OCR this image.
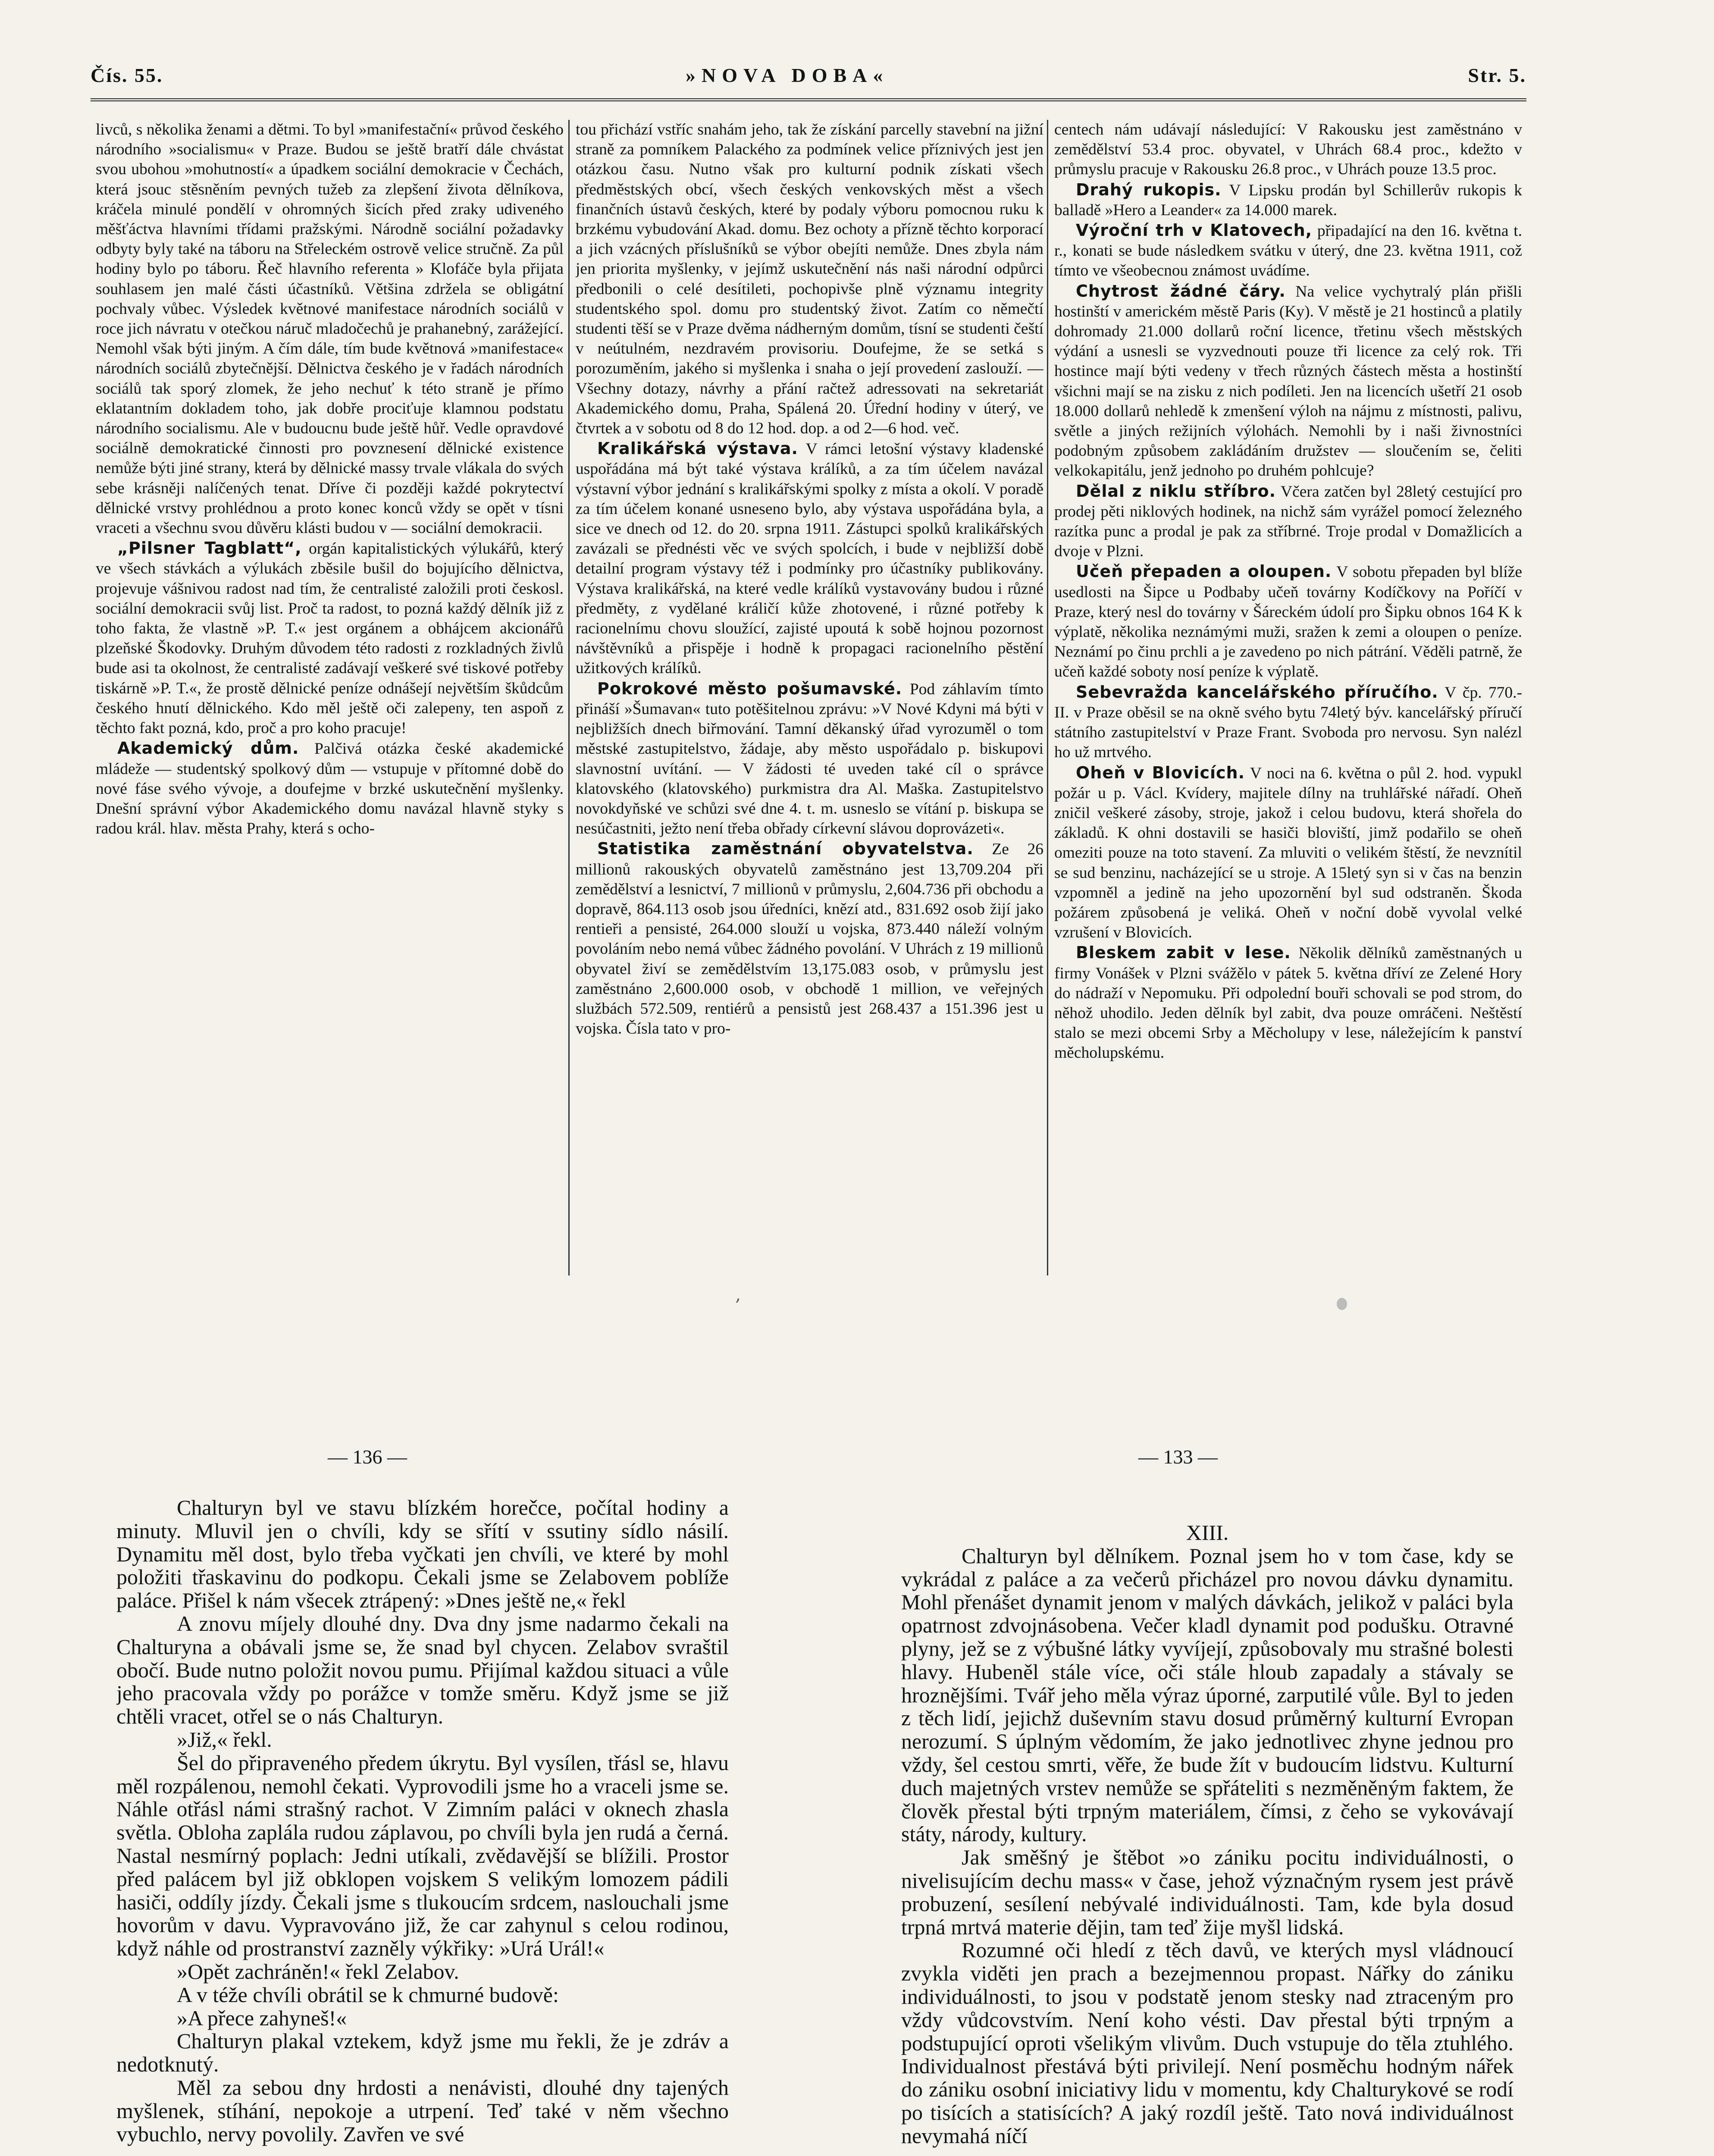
Čís. 55.	»NOVA DOBA«	Str. 5.

livců, s několika ženami a dětmi. To byl »manifestační« průvod českého národního »socialismu« v Praze. Budou se ještě bratří dále chvástat svou ubohou »mohutností« a úpadkem sociální demokracie v Čechách, která jsouc stěsněním pevných tužeb za zlepšení života dělníkova, kráčela minulé pondělí v ohromných šicích před zraky udiveného měšťáctva hlavními třídami pražskými. Národně sociální požadavky odbyty byly také na táboru na Střeleckém ostrově velice stručně. Za půl hodiny bylo po táboru. Řeč hlavního referenta » Klofáče byla přijata souhlasem jen malé části účastníků. Většina zdržela se obligátní pochvaly vůbec. Výsledek květnové manifestace národních sociálů v roce jich návratu v otečkou náruč mladočechů je prahanebný, zarážející. Nemohl však býti jiným. A čím dále, tím bude květnová »manifestace« národních sociálů zbytečnější. Dělnictva českého je v řadách národních sociálů tak sporý zlomek, že jeho nechuť k této straně je přímo eklatantním dokladem toho, jak dobře prociťuje klamnou podstatu národního socialismu. Ale v budoucnu bude ještě hůř. Vedle opravdové sociálně demokratické činnosti pro povznesení dělnické existence nemůže býti jiné strany, která by dělnické massy trvale vlákala do svých sebe krásněji nalíčených tenat. Dříve či později každé pokrytectví dělnické vrstvy prohlédnou a proto konec konců vždy se opět v tísni vraceti a všechnu svou důvěru klásti budou v — sociální demokracii.

„Pilsner Tagblatt“, orgán kapitalistických výlukářů, který ve všech stávkách a výlukách zběsile bušil do bojujícího dělnictva, projevuje vášnivou radost nad tím, že centralisté založili proti českosl. sociální demokracii svůj list. Proč ta radost, to pozná každý dělník již z toho fakta, že vlastně »P. T.« jest orgánem a obhájcem akcionářů plzeňské Škodovky. Druhým důvodem této radosti z rozkladných živlů bude asi ta okolnost, že centralisté zadávají veškeré své tiskové potřeby tiskárně »P. T.«, že prostě dělnické peníze odnášejí největším škůdcům českého hnutí dělnického. Kdo měl ještě oči zalepeny, ten aspoň z těchto fakt pozná, kdo, proč a pro koho pracuje!

Akademický dům. Palčivá otázka české akademické mládeže — studentský spolkový dům — vstupuje v přítomné době do nové fáse svého vývoje, a doufejme v brzké uskutečnění myšlenky. Dnešní správní výbor Akademického domu navázal hlavně styky s radou král. hlav. města Prahy, která s ocho-

tou přichází vstříc snahám jeho, tak že získání parcelly stavební na jižní straně za pomníkem Palackého za podmínek velice příznivých jest jen otázkou času. Nutno však pro kulturní podnik získati všech předměstských obcí, všech českých venkovských měst a všech finančních ústavů českých, které by podaly výboru pomocnou ruku k brzkému vybudování Akad. domu. Bez ochoty a přízně těchto korporací a jich vzácných příslušníků se výbor obejíti nemůže. Dnes zbyla nám jen priorita myšlenky, v jejímž uskutečnění nás naši národní odpůrci předbonili o celé desítileti, pochopivše plně významu integrity studentského spol. domu pro studentský život. Zatím co němečtí studenti těší se v Praze dvěma nádherným domům, tísní se studenti čeští v neútulném, nezdravém provisoriu. Doufejme, že se setká s porozuměním, jakého si myšlenka i snaha o její provedení zaslouží. — Všechny dotazy, návrhy a přání račtež adressovati na sekretariát Akademického domu, Praha, Spálená 20. Úřední hodiny v úterý, ve čtvrtek a v sobotu od 8 do 12 hod. dop. a od 2—6 hod. več.

Kralikářská výstava. V rámci letošní výstavy kladenské uspořádána má být také výstava králíků, a za tím účelem navázal výstavní výbor jednání s kralikářskými spolky z místa a okolí. V poradě za tím účelem konané usneseno bylo, aby výstava uspořádána byla, a sice ve dnech od 12. do 20. srpna 1911. Zástupci spolků kralikářských zavázali se přednésti věc ve svých spolcích, i bude v nejbližší době detailní program výstavy též i podmínky pro účastníky publikovány. Výstava kralikářská, na které vedle králíků vystavovány budou i různé předměty, z vydělané králičí kůže zhotovené, i různé potřeby k racionelnímu chovu sloužící, zajisté upoutá k sobě hojnou pozornost návštěvníků a přispěje i hodně k propagaci racionelního pěstění užitkových králíků.

Pokrokové město pošumavské. Pod záhlavím tímto přináší »Šumavan« tuto potěšitelnou zprávu: »V Nové Kdyni má býti v nejbližších dnech biřmování. Tamní děkanský úřad vyrozuměl o tom městské zastupitelstvo, žádaje, aby město uspořádalo p. biskupovi slavnostní uvítání. — V žádosti té uveden také cíl o správce klatovského (klatovského) purkmistra dra Al. Maška. Zastupitelstvo novokdyňské ve schůzi své dne 4. t. m. usneslo se vítání p. biskupa se nesúčastniti, ježto není třeba obřady církevní slávou doprovázeti«.

Statistika zaměstnání obyvatelstva. Ze 26 millionů rakouských obyvatelů zaměstnáno jest 13,709.204 při zemědělství a lesnictví, 7 millionů v průmyslu, 2,604.736 při obchodu a dopravě, 864.113 osob jsou úředníci, knězí atd., 831.692 osob žijí jako rentieři a pensisté, 264.000 slouží u vojska, 873.440 náleží volným povoláním nebo nemá vůbec žádného povolání. V Uhrách z 19 millionů obyvatel živí se zemědělstvím 13,175.083 osob, v průmyslu jest zaměstnáno 2,600.000 osob, v obchodě 1 million, ve veřejných službách 572.509, rentiérů a pensistů jest 268.437 a 151.396 jest u vojska. Čísla tato v pro-

centech nám udávají následující: V Rakousku jest zaměstnáno v zemědělství 53.4 proc. obyvatel, v Uhrách 68.4 proc., kdežto v průmyslu pracuje v Rakousku 26.8 proc., v Uhrách pouze 13.5 proc.

Drahý rukopis. V Lipsku prodán byl Schillerův rukopis k balladě »Hero a Leander« za 14.000 marek.

Výroční trh v Klatovech, připadající na den 16. května t. r., konati se bude následkem svátku v úterý, dne 23. května 1911, což tímto ve všeobecnou známost uvádíme.

Chytrost žádné čáry. Na velice vychytralý plán přišli hostinští v americkém městě Paris (Ky). V městě je 21 hostinců a platily dohromady 21.000 dollarů roční licence, třetinu všech městských výdání a usnesli se vyzvednouti pouze tři licence za celý rok. Tři hostince mají býti vedeny v třech různých částech města a hostinští všichni mají se na zisku z nich podíleti. Jen na licencích ušetří 21 osob 18.000 dollarů nehledě k zmenšení výloh na nájmu z místnosti, palivu, světle a jiných režijních výlohách. Nemohli by i naši živnostníci podobným způsobem zakládáním družstev — sloučením se, čeliti velkokapitálu, jenž jednoho po druhém pohlcuje?

Dělal z niklu stříbro. Včera zatčen byl 28letý cestující pro prodej pěti niklových hodinek, na nichž sám vyrážel pomocí železného razítka punc a prodal je pak za stříbrné. Troje prodal v Domažlicích a dvoje v Plzni.

Učeň přepaden a oloupen. V sobotu přepaden byl blíže usedlosti na Šipce u Podbaby učeň továrny Kodíčkovy na Poříčí v Praze, který nesl do továrny v Šáreckém údolí pro Šipku obnos 164 K k výplatě, několika neznámými muži, sražen k zemi a oloupen o peníze. Neznámí po činu prchli a je zavedeno po nich pátrání. Věděli patrně, že učeň každé soboty nosí peníze k výplatě.

Sebevražda kancelářského příručího. V čp. 770.-II. v Praze oběsil se na okně svého bytu 74letý býv. kancelářský příručí státního zastupitelství v Praze Frant. Svoboda pro nervosu. Syn nalézl ho už mrtvého.

Oheň v Blovicích. V noci na 6. května o půl 2. hod. vypukl požár u p. Václ. Kvídery, majitele dílny na truhlářské nářadí. Oheň zničil veškeré zásoby, stroje, jakož i celou budovu, která shořela do základů. K ohni dostavili se hasiči bloviští, jimž podařilo se oheň omeziti pouze na toto stavení. Za mluviti o velikém štěstí, že nevznítil se sud benzinu, nacházející se u stroje. A 15letý syn si v čas na benzin vzpomněl a jedině na jeho upozornění byl sud odstraněn. Škoda požárem způsobená je veliká. Oheň v noční době vyvolal velké vzrušení v Blovicích.

Bleskem zabit v lese. Několik dělníků zaměstnaných u firmy Vonášek v Plzni svážělo v pátek 5. května dříví ze Zelené Hory do nádraží v Nepomuku. Při odpolední bouři schovali se pod strom, do něhož uhodilo. Jeden dělník byl zabit, dva pouze omráčeni. Neštěstí stalo se mezi obcemi Srby a Měcholupy v lese, náležejícím k panství měcholupskému.

‚
— 136 —	— 133 —

Chalturyn byl ve stavu blízkém horečce, počítal hodiny a minuty. Mluvil jen o chvíli, kdy se sřítí v ssutiny sídlo násilí. Dynamitu měl dost, bylo třeba vyčkati jen chvíli, ve které by mohl položiti třaskavinu do podkopu. Čekali jsme se Zelabovem poblíže paláce. Přišel k nám všecek ztrápený: »Dnes ještě ne,« řekl

A znovu míjely dlouhé dny. Dva dny jsme nadarmo čekali na Chalturyna a obávali jsme se, že snad byl chycen. Zelabov svraštil obočí. Bude nutno položit novou pumu. Přijímal každou situaci a vůle jeho pracovala vždy po porážce v tomže směru. Když jsme se již chtěli vracet, otřel se o nás Chalturyn.

»Již,« řekl.

Šel do připraveného předem úkrytu. Byl vysílen, třásl se, hlavu měl rozpálenou, nemohl čekati. Vyprovodili jsme ho a vraceli jsme se. Náhle otřásl námi strašný rachot. V Zimním paláci v oknech zhasla světla. Obloha zaplála rudou záplavou, po chvíli byla jen rudá a černá. Nastal nesmírný poplach: Jedni utíkali, zvědavější se blížili. Prostor před palácem byl již obklopen vojskem S velikým lomozem pádili hasiči, oddíly jízdy. Čekali jsme s tlukoucím srdcem, naslouchali jsme hovorům v davu. Vypravováno již, že car zahynul s celou rodinou, když náhle od prostranství zazněly výkřiky: »Urá Urál!«

»Opět zachráněn!« řekl Zelabov.

A v téže chvíli obrátil se k chmurné budově:

»A přece zahyneš!«

Chalturyn plakal vztekem, když jsme mu řekli, že je zdráv a nedotknutý.

Měl za sebou dny hrdosti a nenávisti, dlouhé dny tajených myšlenek, stíhání, nepokoje a utrpení. Teď také v něm všechno vybuchlo, nervy povolily. Zavřen ve své

XIII.

Chalturyn byl dělníkem. Poznal jsem ho v tom čase, kdy se vykrádal z paláce a za večerů přicházel pro novou dávku dynamitu. Mohl přenášet dynamit jenom v malých dávkách, jelikož v paláci byla opatrnost zdvojnásobena. Večer kladl dynamit pod podušku. Otravné plyny, jež se z výbušné látky vyvíjejí, způsobovaly mu strašné bolesti hlavy. Hubeněl stále více, oči stále hloub zapadaly a stávaly se hroznějšími. Tvář jeho měla výraz úporné, zarputilé vůle. Byl to jeden z těch lidí, jejichž duševním stavu dosud průměrný kulturní Evropan nerozumí. S úplným vědomím, že jako jednotlivec zhyne jednou pro vždy, šel cestou smrti, věře, že bude žít v budoucím lidstvu. Kulturní duch majetných vrstev nemůže se spřáteliti s nezměněným faktem, že člověk přestal býti trpným materiálem, čímsi, z čeho se vykovávají státy, národy, kultury.

Jak směšný je štěbot »o zániku pocitu individuálnosti, o nivelisujícím dechu mass« v čase, jehož význačným rysem jest právě probuzení, sesílení nebývalé individuálnosti. Tam, kde byla dosud trpná mrtvá materie dějin, tam teď žije myšl lidská.

Rozumné oči hledí z těch davů, ve kterých mysl vládnoucí zvykla viděti jen prach a bezejmennou propast. Nářky do zániku individuálnosti, to jsou v podstatě jenom stesky nad ztraceným pro vždy vůdcovstvím. Není koho vésti. Dav přestal býti trpným a podstupující oproti všelikým vlivům. Duch vstupuje do těla ztuhlého. Individualnost přestává býti privilejí. Není posměchu hodným nářek do zániku osobní iniciativy lidu v momentu, kdy Chalturykové se rodí po tisících a statisících? A jaký rozdíl ještě. Tato nová individuálnost nevymahá níčí
